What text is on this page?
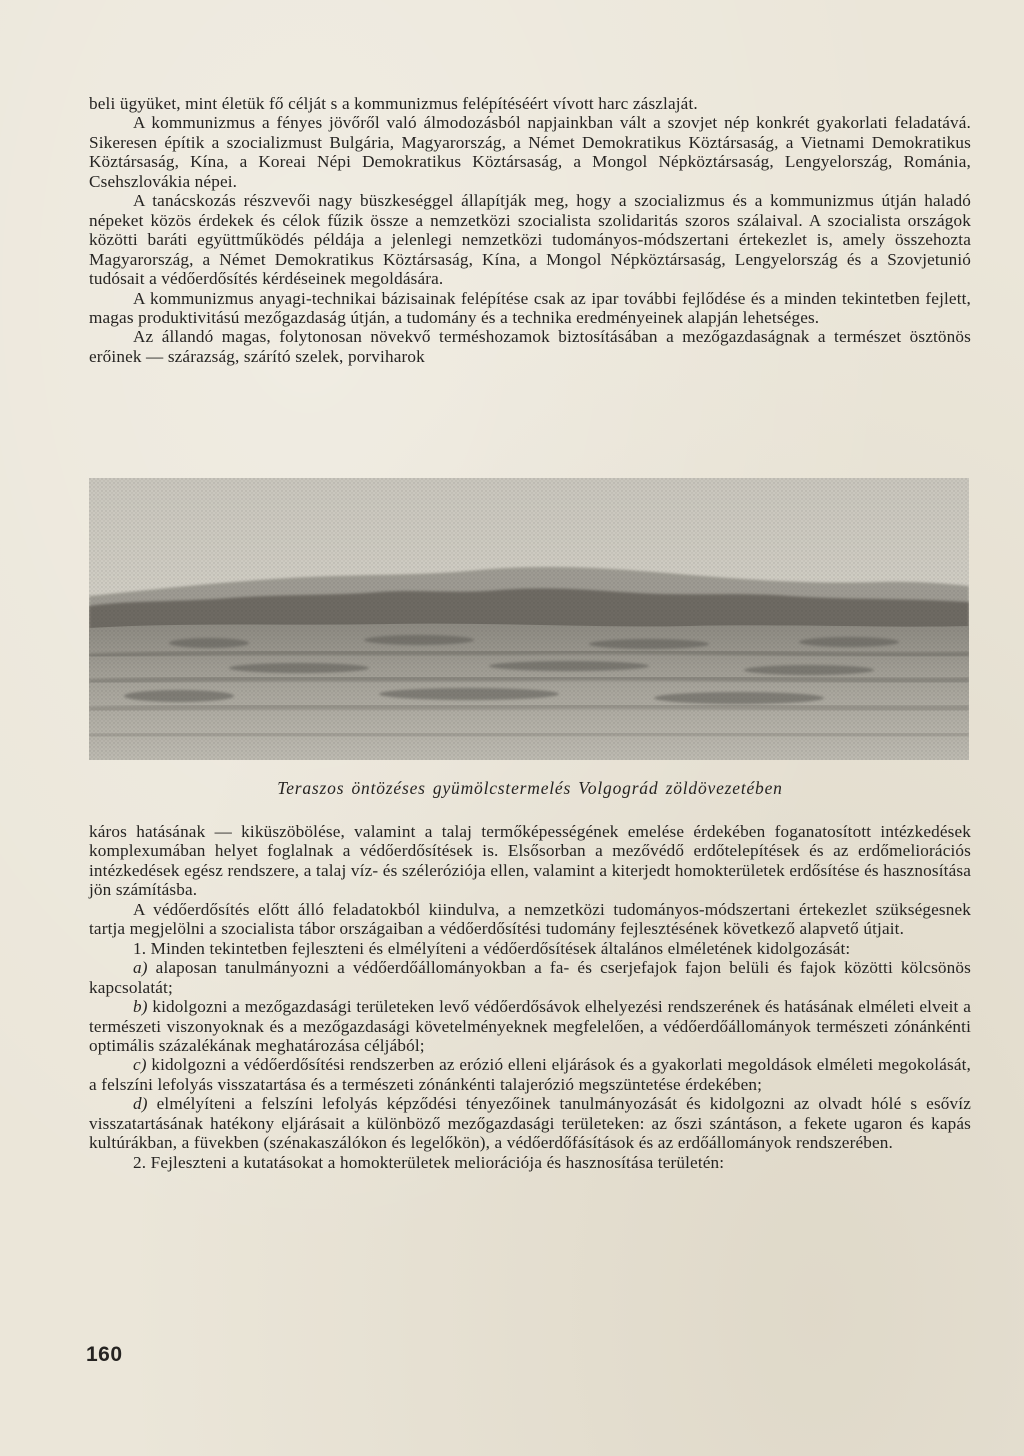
beli ügyüket, mint életük fő célját s a kommunizmus felépítéséért vívott harc zászlaját.

A kommunizmus a fényes jövőről való álmodozásból napjainkban vált a szovjet nép konkrét gyakorlati feladatává. Sikeresen építik a szocializmust Bulgária, Magyarország, a Német Demokratikus Köztársaság, a Vietnami Demokratikus Köztársaság, Kína, a Koreai Népi Demokratikus Köztársaság, a Mongol Népköztársaság, Lengyelország, Románia, Csehszlovákia népei.

A tanácskozás részvevői nagy büszkeséggel állapítják meg, hogy a szocializmus és a kommunizmus útján haladó népeket közös érdekek és célok fűzik össze a nemzetközi szocialista szolidaritás szoros szálaival. A szocialista országok közötti baráti együttműködés példája a jelenlegi nemzetközi tudományos-módszertani értekezlet is, amely összehozta Magyarország, a Német Demokratikus Köztársaság, Kína, a Mongol Népköztársaság, Lengyelország és a Szovjetunió tudósait a védőerdősítés kérdéseinek megoldására.

A kommunizmus anyagi-technikai bázisainak felépítése csak az ipar további fejlődése és a minden tekintetben fejlett, magas produktivitású mezőgazdaság útján, a tudomány és a technika eredményeinek alapján lehetséges.

Az állandó magas, folytonosan növekvő terméshozamok biztosításában a mezőgazdaságnak a természet ösztönös erőinek — szárazság, szárító szelek, porviharok

Teraszos öntözéses gyümölcstermelés Volgográd zöldövezetében

káros hatásának — kiküszöbölése, valamint a talaj termőképességének emelése érdekében foganatosított intézkedések komplexumában helyet foglalnak a védőerdősítések is. Elsősorban a mezővédő erdőtelepítések és az erdőmeliorációs intézkedések egész rendszere, a talaj víz- és széleróziója ellen, valamint a kiterjedt homokterületek erdősítése és hasznosítása jön számításba.

A védőerdősítés előtt álló feladatokból kiindulva, a nemzetközi tudományos-módszertani értekezlet szükségesnek tartja megjelölni a szocialista tábor országaiban a védőerdősítési tudomány fejlesztésének következő alapvető útjait.

1. Minden tekintetben fejleszteni és elmélyíteni a védőerdősítések általános elméletének kidolgozását:

a) alaposan tanulmányozni a védőerdőállományokban a fa- és cserjefajok fajon belüli és fajok közötti kölcsönös kapcsolatát;

b) kidolgozni a mezőgazdasági területeken levő védőerdősávok elhelyezési rendszerének és hatásának elméleti elveit a természeti viszonyoknak és a mezőgazdasági követelményeknek megfelelően, a védőerdőállományok természeti zónánkénti optimális százalékának meghatározása céljából;

c) kidolgozni a védőerdősítési rendszerben az erózió elleni eljárások és a gyakorlati megoldások elméleti megokolását, a felszíni lefolyás visszatartása és a természeti zónánkénti talajerózió megszüntetése érdekében;

d) elmélyíteni a felszíni lefolyás képződési tényezőinek tanulmányozását és kidolgozni az olvadt hólé s esővíz visszatartásának hatékony eljárásait a különböző mezőgazdasági területeken: az őszi szántáson, a fekete ugaron és kapás kultúrákban, a füvekben (szénakaszálókon és legelőkön), a védőerdőfásítások és az erdőállományok rendszerében.

2. Fejleszteni a kutatásokat a homokterületek meliorációja és hasznosítása területén:

160
